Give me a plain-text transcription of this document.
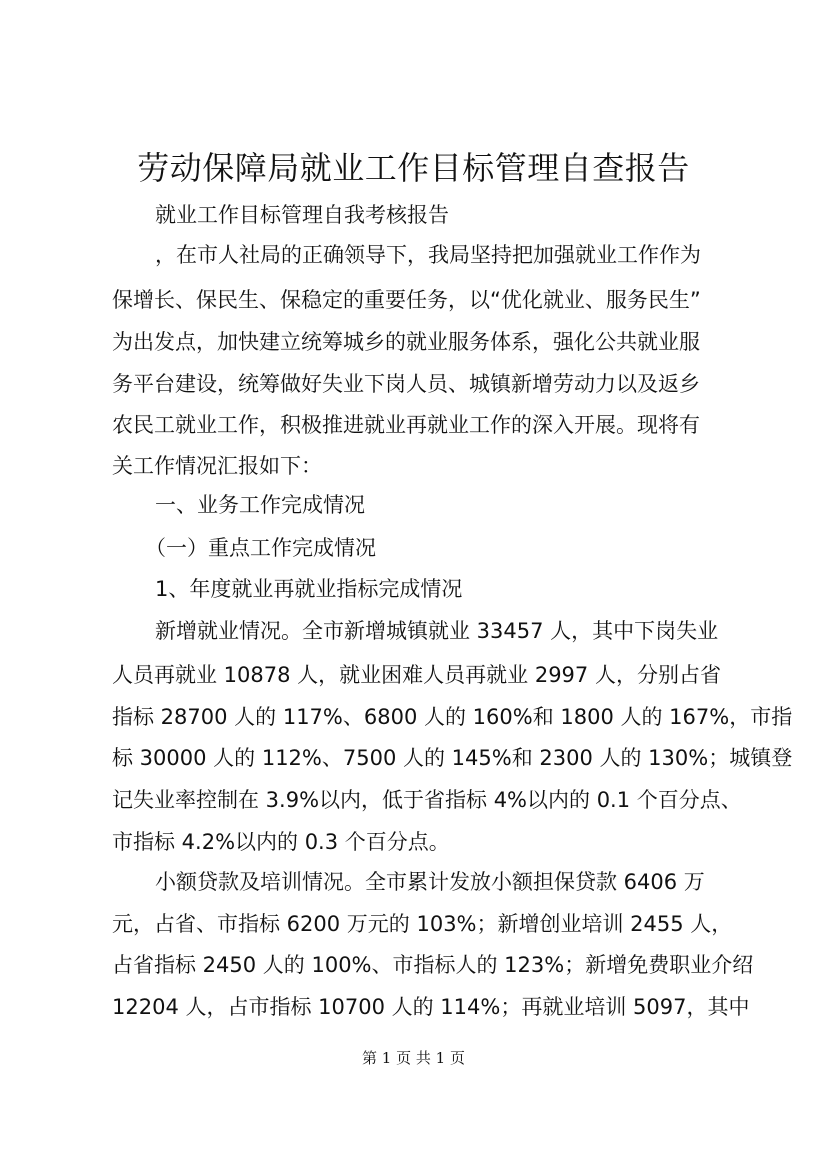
劳动保障局就业工作目标管理自查报告
就业工作目标管理自我考核报告
，在市人社局的正确领导下，我局坚持把加强就业工作作为
保增长、保民生、保稳定的重要任务，以“优化就业、服务民生”
为出发点，加快建立统筹城乡的就业服务体系，强化公共就业服
务平台建设，统筹做好失业下岗人员、城镇新增劳动力以及返乡
农民工就业工作，积极推进就业再就业工作的深入开展。现将有
关工作情况汇报如下：
一、业务工作完成情况
（一）重点工作完成情况
1、年度就业再就业指标完成情况
新增就业情况。全市新增城镇就业 33457 人，其中下岗失业
人员再就业 10878 人，就业困难人员再就业 2997 人，分别占省
指标 28700 人的 117%、6800 人的 160%和 1800 人的 167%，市指
标 30000 人的 112%、7500 人的 145%和 2300 人的 130%；城镇登
记失业率控制在 3.9%以内，低于省指标 4%以内的 0.1 个百分点、
市指标 4.2%以内的 0.3 个百分点。
小额贷款及培训情况。全市累计发放小额担保贷款 6406 万
元，占省、市指标 6200 万元的 103%；新增创业培训 2455 人，
占省指标 2450 人的 100%、市指标人的 123%；新增免费职业介绍
12204 人，占市指标 10700 人的 114%；再就业培训 5097，其中
第 1 页 共 1 页
